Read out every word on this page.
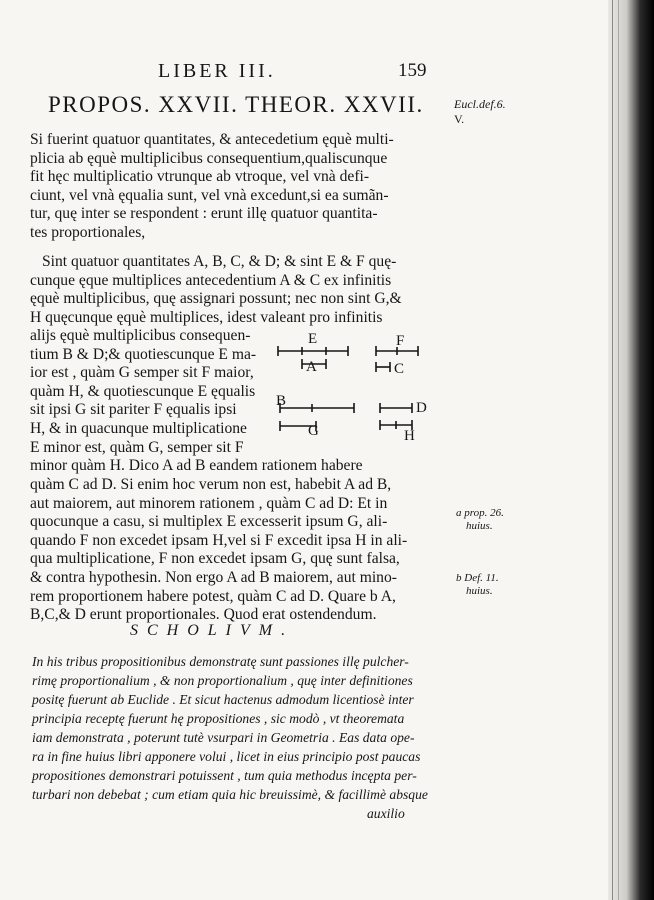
LIBER III.	159
PROPOS. XXVII. THEOR. XXVII.	Eucl.def.6.
V.

Si fuerint quatuor quantitates, & antecedetium ęquè multi-

plicia ab ęquè multiplicibus consequentium,qualiscunque

fit hęc multiplicatio vtrunque ab vtroque, vel vnà defi-

ciunt, vel vnà ęqualia sunt, vel vnà excedunt,si ea sumãn-

tur, quę inter se respondent : erunt illę quatuor quantita-

tes proportionales,

Sint quatuor quantitates A, B, C, & D; & sint E & F quę-

cunque ęque multiplices antecedentium A & C ex infinitis

ęquè multiplicibus, quę assignari possunt; nec non sint G,&

H quęcunque ęquè multiplices, idest valeant pro infinitis

alijs ęquè multiplicibus consequen-

tium B & D;& quotiescunque E ma-

ior est , quàm G semper sit F maior,

quàm H, & quotiescunque E ęqualis

sit ipsi G sit pariter F ęqualis ipsi

H, & in quacunque multiplicatione

E minor est, quàm G, semper sit F

minor quàm H. Dico A ad B eandem rationem habere

E
A
F
C
B
G
D
H

quàm C ad D. Si enim hoc verum non est, habebit A ad B,

aut maiorem, aut minorem rationem , quàm C ad D: Et in

quocunque a casu, si multiplex E excesserit ipsum G, ali-

quando F non excedet ipsam H,vel si F excedit ipsa H in ali-

qua multiplicatione, F non excedet ipsam G, quę sunt falsa,

& contra hypothesin. Non ergo A ad B maiorem, aut mino-

rem proportionem habere potest, quàm C ad D. Quare b A,

B,C,& D erunt proportionales. Quod erat ostendendum.

a prop. 26.
huius.
b Def. 11.
huius.
SCHOLIVM.

In his tribus propositionibus demonstratę sunt passiones illę pulcher-

rimę proportionalium , & non proportionalium , quę inter definitiones

positę fuerunt ab Euclide . Et sicut hactenus admodum licentiosè inter

principia receptę fuerunt hę propositiones , sic modò , vt theoremata

iam demonstrata , poterunt tutè vsurpari in Geometria . Eas data ope-

ra in fine huius libri apponere volui , licet in eius principio post paucas

propositiones demonstrari potuissent , tum quia methodus incępta per-

turbari non debebat ; cum etiam quia hic breuissimè, & facillimè absque

auxilio
